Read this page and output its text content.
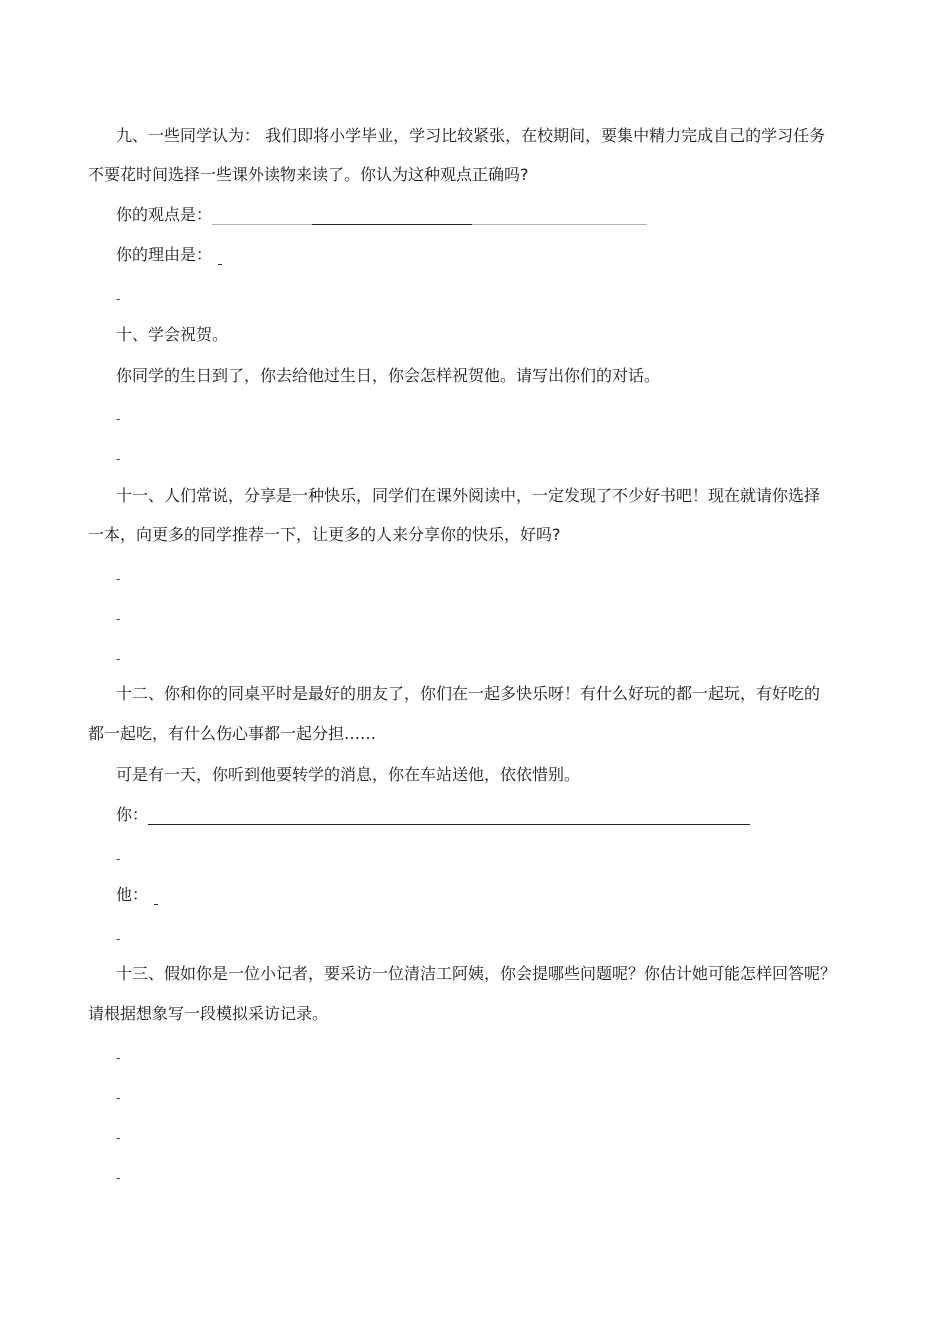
九、一些同学认为： 我们即将小学毕业，学习比较紧张，在校期间，要集中精力完成自己的学习任务
不要花时间选择一些课外读物来读了。你认为这种观点正确吗?
你的观点是：
你的理由是：
-
十、学会祝贺。
你同学的生日到了，你去给他过生日，你会怎样祝贺他。请写出你们的对话。
-
-
十一、人们常说，分享是一种快乐，同学们在课外阅读中，一定发现了不少好书吧！现在就请你选择
一本，向更多的同学推荐一下，让更多的人来分享你的快乐，好吗?
-
-
-
十二、你和你的同桌平时是最好的朋友了，你们在一起多快乐呀！有什么好玩的都一起玩，有好吃的
都一起吃，有什么伤心事都一起分担……
可是有一天，你听到他要转学的消息，你在车站送他，依依惜别。
你：
-
他：
-
十三、假如你是一位小记者，要采访一位清洁工阿姨，你会提哪些问题呢？你估计她可能怎样回答呢？
请根据想象写一段模拟采访记录。
-
-
-
-
